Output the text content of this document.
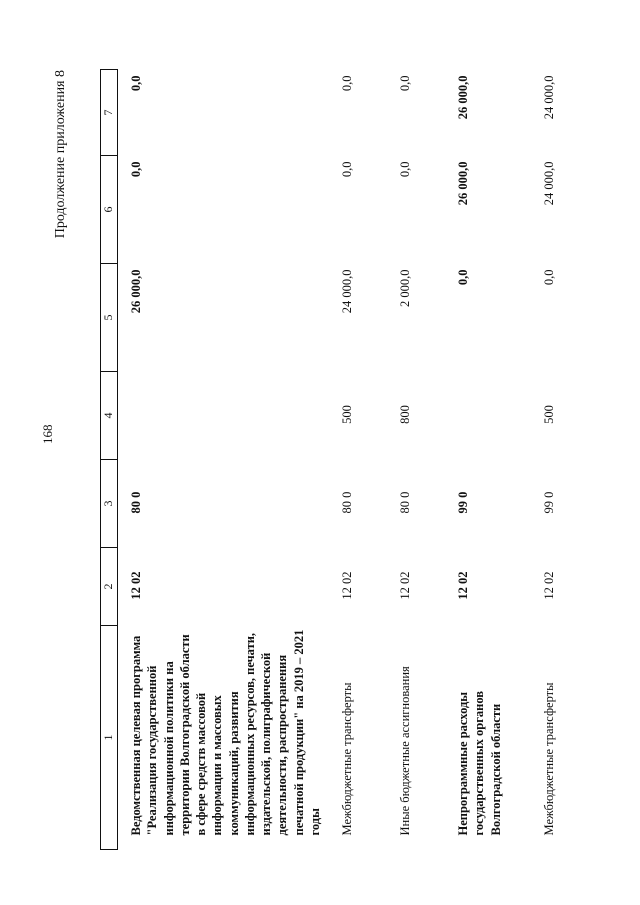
168
Продолжение приложения 8
1	2	3	4	5	6	7
Ведомственная целевая программа "Реализация государственной информационной политики на территории Волгоградской области в сфере средств массовой информации и массовых коммуникаций, развития информационных ресурсов, печати, издательской, полиграфической деятельности, распространения печатной продукции" на 2019 – 2021 годы	12 02	80 0		26 000,0	0,0	0,0
Межбюджетные трансферты	12 02	80 0	500	24 000,0	0,0	0,0
Иные бюджетные ассигнования	12 02	80 0	800	2 000,0	0,0	0,0
Непрограммные расходы государственных органов Волгоградской области	12 02	99 0		0,0	26 000,0	26 000,0
Межбюджетные трансферты	12 02	99 0	500	0,0	24 000,0	24 000,0
